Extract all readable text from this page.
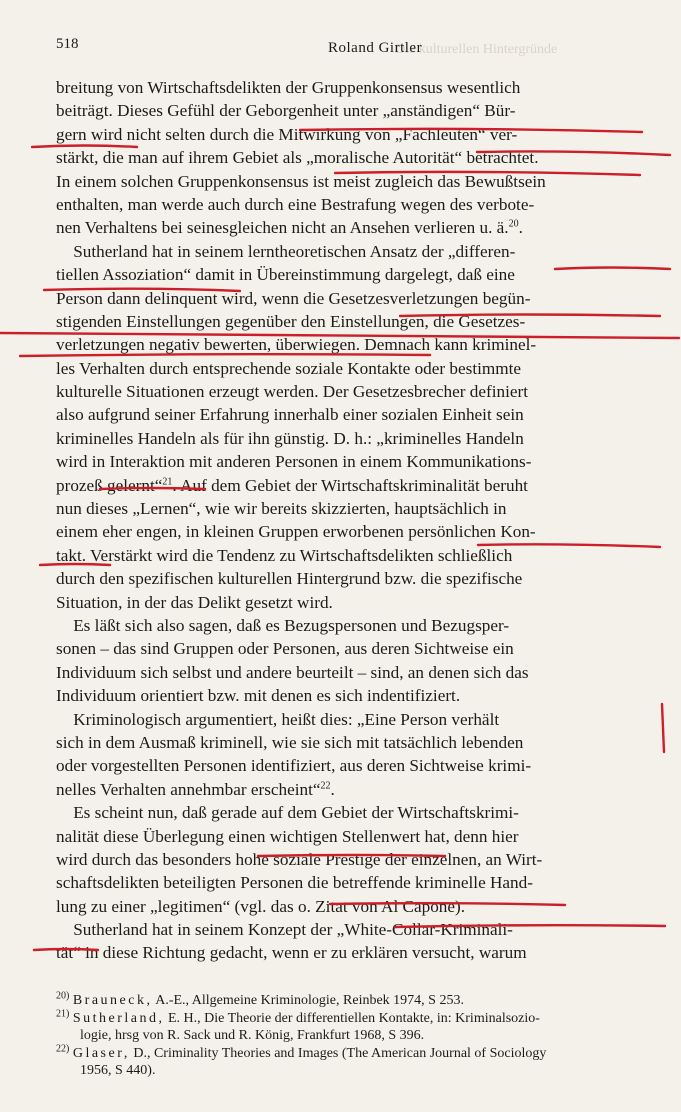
Die kulturellen Hintergründe
518	Roland Girtler
breitung von Wirtschaftsdelikten der Gruppenkonsensus wesentlich
beiträgt. Dieses Gefühl der Geborgenheit unter „anständigen“ Bür-
gern wird nicht selten durch die Mitwirkung von „Fachleuten“ ver-
stärkt, die man auf ihrem Gebiet als „moralische Autorität“ betrachtet.
In einem solchen Gruppenkonsensus ist meist zugleich das Bewußtsein
enthalten, man werde auch durch eine Bestrafung wegen des verbote-
nen Verhaltens bei seinesgleichen nicht an Ansehen verlieren u. ä.$^{20}$.
Sutherland hat in seinem lerntheoretischen Ansatz der „differen-
tiellen Assoziation“ damit in Übereinstimmung dargelegt, daß eine
Person dann delinquent wird, wenn die Gesetzesverletzungen begün-
stigenden Einstellungen gegenüber den Einstellungen, die Gesetzes-
verletzungen negativ bewerten, überwiegen. Demnach kann kriminel-
les Verhalten durch entsprechende soziale Kontakte oder bestimmte
kulturelle Situationen erzeugt werden. Der Gesetzesbrecher definiert
also aufgrund seiner Erfahrung innerhalb einer sozialen Einheit sein
kriminelles Handeln als für ihn günstig. D. h.: „kriminelles Handeln
wird in Interaktion mit anderen Personen in einem Kommunikations-
prozeß gelernt“$^{21}$. Auf dem Gebiet der Wirtschaftskriminalität beruht
nun dieses „Lernen“, wie wir bereits skizzierten, hauptsächlich in
einem eher engen, in kleinen Gruppen erworbenen persönlichen Kon-
takt. Verstärkt wird die Tendenz zu Wirtschaftsdelikten schließlich
durch den spezifischen kulturellen Hintergrund bzw. die spezifische
Situation, in der das Delikt gesetzt wird.
Es läßt sich also sagen, daß es Bezugspersonen und Bezugsper-
sonen – das sind Gruppen oder Personen, aus deren Sichtweise ein
Individuum sich selbst und andere beurteilt – sind, an denen sich das
Individuum orientiert bzw. mit denen es sich indentifiziert.
Kriminologisch argumentiert, heißt dies: „Eine Person verhält
sich in dem Ausmaß kriminell, wie sie sich mit tatsächlich lebenden
oder vorgestellten Personen identifiziert, aus deren Sichtweise krimi-
nelles Verhalten annehmbar erscheint“$^{22}$.
Es scheint nun, daß gerade auf dem Gebiet der Wirtschaftskrimi-
nalität diese Überlegung einen wichtigen Stellenwert hat, denn hier
wird durch das besonders hohe soziale Prestige der einzelnen, an Wirt-
schaftsdelikten beteiligten Personen die betreffende kriminelle Hand-
lung zu einer „legitimen“ (vgl. das o. Zitat von Al Capone).
Sutherland hat in seinem Konzept der „White-Collar-Kriminali-
tät“ in diese Richtung gedacht, wenn er zu erklären versucht, warum
$^{20)}$ Brauneck, A.-E., Allgemeine Kriminologie, Reinbek 1974, S 253.
$^{21)}$ Sutherland, E. H., Die Theorie der differentiellen Kontakte, in: Kriminalsozio-
logie, hrsg von R. Sack und R. König, Frankfurt 1968, S 396.
$^{22)}$ Glaser, D., Criminality Theories and Images (The American Journal of Sociology
1956, S 440).
